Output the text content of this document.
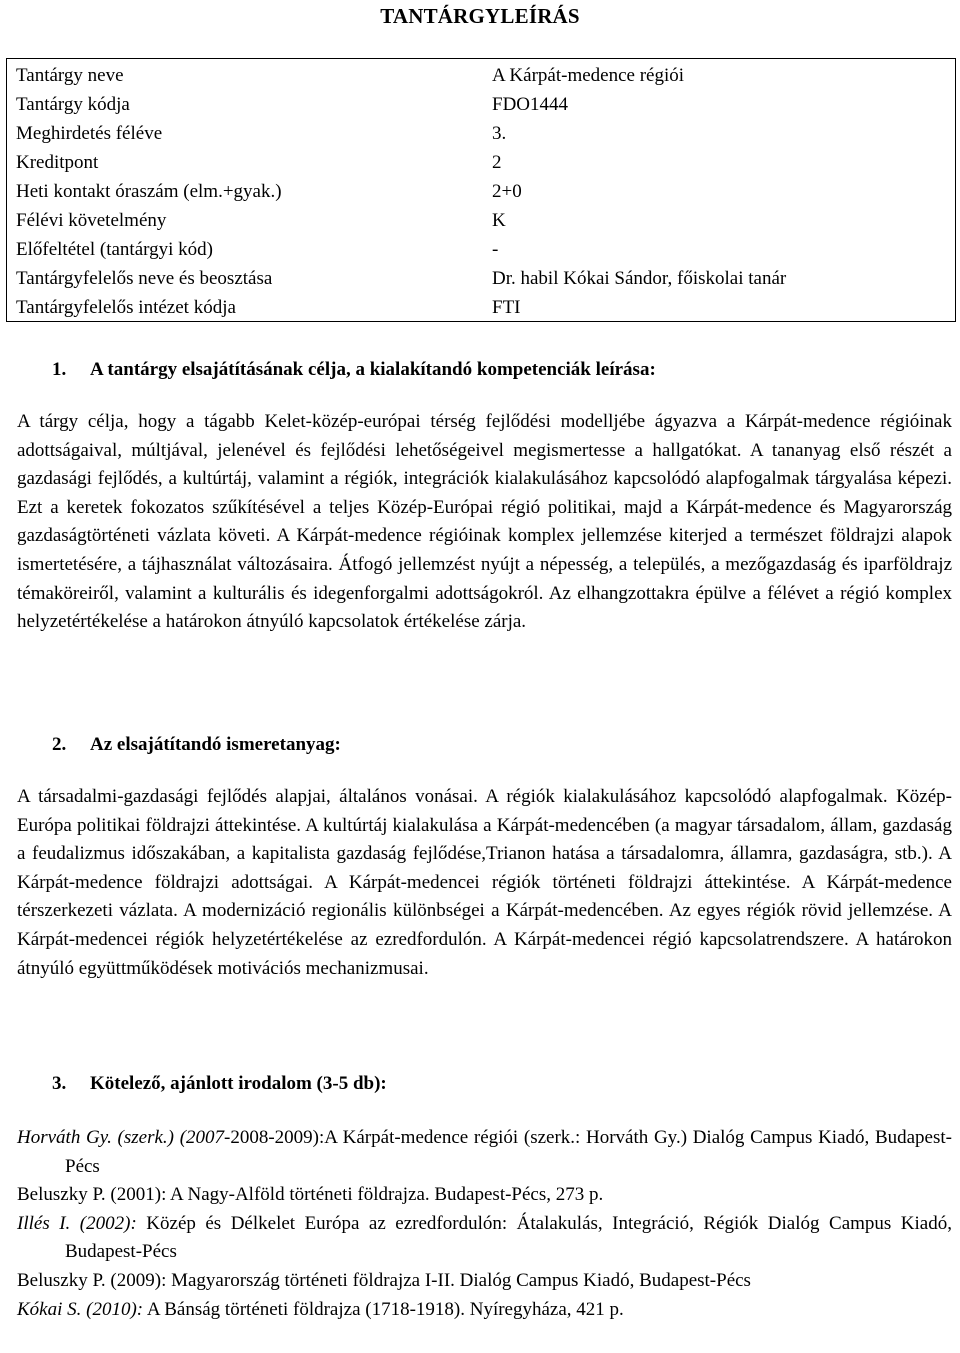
TANTÁRGYLEÍRÁS
Tantárgy neve	A Kárpát-medence régiói
Tantárgy kódja	FDO1444
Meghirdetés féléve	3.
Kreditpont	2
Heti kontakt óraszám (elm.+gyak.)	2+0
Félévi követelmény	K
Előfeltétel (tantárgyi kód)	-
Tantárgyfelelős neve és beosztása	Dr. habil Kókai Sándor, főiskolai tanár
Tantárgyfelelős intézet kódja	FTI
1. A tantárgy elsajátításának célja, a kialakítandó kompetenciák leírása:

A tárgy célja, hogy a tágabb Kelet-közép-európai térség fejlődési modelljébe ágyazva a Kárpát-medence régióinak adottságaival, múltjával, jelenével és fejlődési lehetőségeivel megismertesse a hallgatókat. A tananyag első részét a gazdasági fejlődés, a kultúrtáj, valamint a régiók, integrációk kialakulásához kapcsolódó alapfogalmak tárgyalása képezi. Ezt a keretek fokozatos szűkítésével a teljes Közép-Európai régió politikai, majd a Kárpát-medence és Magyarország gazdaságtörténeti vázlata követi. A Kárpát-medence régióinak komplex jellemzése kiterjed a természet földrajzi alapok ismertetésére, a tájhasználat változásaira. Átfogó jellemzést nyújt a népesség, a település, a mezőgazdaság és iparföldrajz témaköreiről, valamint a kulturális és idegenforgalmi adottságokról. Az elhangzottakra épülve a félévet a régió komplex helyzetértékelése a határokon átnyúló kapcsolatok értékelése zárja.

2. Az elsajátítandó ismeretanyag:

A társadalmi-gazdasági fejlődés alapjai, általános vonásai. A régiók kialakulásához kapcsolódó alapfogalmak. Közép-Európa politikai földrajzi áttekintése. A kultúrtáj kialakulása a Kárpát-medencében (a magyar társadalom, állam, gazdaság a feudalizmus időszakában, a kapitalista gazdaság fejlődése,Trianon hatása a társadalomra, államra, gazdaságra, stb.). A Kárpát-medence földrajzi adottságai. A Kárpát-medencei régiók történeti földrajzi áttekintése. A Kárpát-medence térszerkezeti vázlata. A modernizáció regionális különbségei a Kárpát-medencében. Az egyes régiók rövid jellemzése. A Kárpát-medencei régiók helyzetértékelése az ezredfordulón. A Kárpát-medencei régió kapcsolatrendszere. A határokon átnyúló együttműködések motivációs mechanizmusai.

3. Kötelező, ajánlott irodalom (3-5 db):

Horváth Gy. (szerk.) (2007-2008-2009):A Kárpát-medence régiói (szerk.: Horváth Gy.) Dialóg Campus Kiadó, Budapest-Pécs

Beluszky P. (2001): A Nagy-Alföld történeti földrajza. Budapest-Pécs, 273 p.

Illés I. (2002): Közép és Délkelet Európa az ezredfordulón: Átalakulás, Integráció, Régiók Dialóg Campus Kiadó, Budapest-Pécs

Beluszky P. (2009): Magyarország történeti földrajza I-II. Dialóg Campus Kiadó, Budapest-Pécs

Kókai S. (2010): A Bánság történeti földrajza (1718-1918). Nyíregyháza, 421 p.
